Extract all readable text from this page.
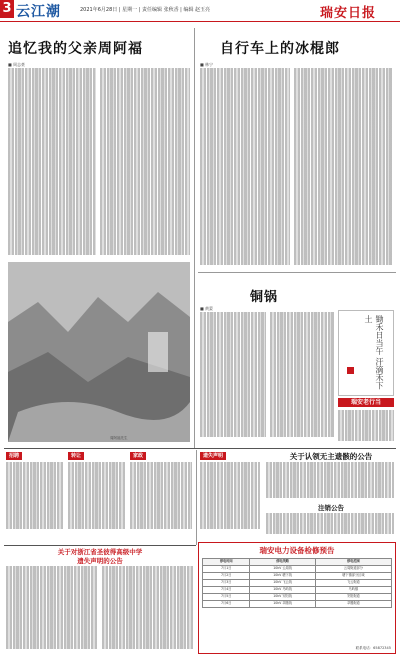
3 云江潮	2021年6月28日 | 星期一 | 责任编辑 张秋香 | 编辑 赵玉亮	瑞安日报
追忆我的父亲周阿福
■ 周志豪
周阿福先生
自行车上的冰棍郎
■ 林宁
铜锅
■ 黄蒙
锄禾日当午 汗滴禾下土
瑞安老行当
招聘	转让	家政	遗失声明	关于认领无主遗骸的公告
注销公告
关于对浙江省圣彼得高级中学
遗失声明的公告
瑞安电力设备检修预告
停电时间	停电线路	停电范围
7月1日	10kV 云周线	云周街道部分
7月2日	10kV 塘下线	塘下镇部分区域
7月3日	10kV 飞云线	飞云街道
7月4日	10kV 马屿线	马屿镇
7月5日	10kV 安阳线	安阳街道
7月6日	10kV 莘塍线	莘塍街道
联系电话：65872345
